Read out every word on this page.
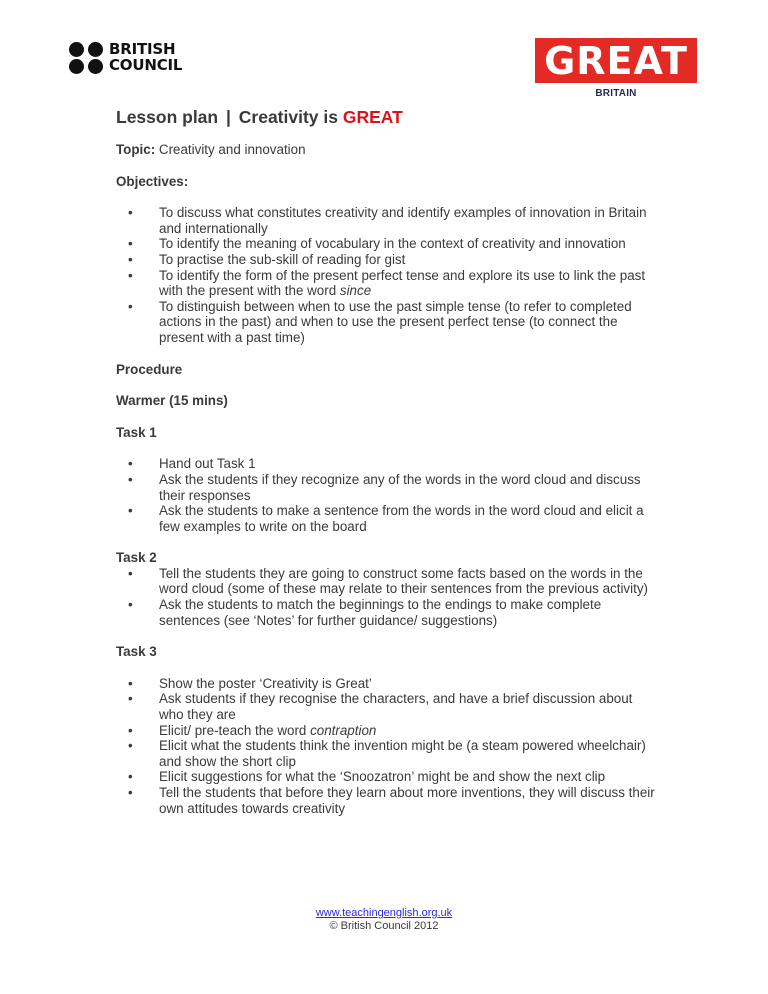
BRITISH
COUNCIL	GREAT
BRITAIN
Lesson plan | Creativity is GREAT

Topic: Creativity and innovation

Objectives:

• To discuss what constitutes creativity and identify examples of innovation in Britain and internationally
• To identify the meaning of vocabulary in the context of creativity and innovation
• To practise the sub-skill of reading for gist
• To identify the form of the present perfect tense and explore its use to link the past with the present with the word since
• To distinguish between when to use the past simple tense (to refer to completed actions in the past) and when to use the present perfect tense (to connect the present with a past time)

Procedure

Warmer (15 mins)

Task 1

• Hand out Task 1
• Ask the students if they recognize any of the words in the word cloud and discuss their responses
• Ask the students to make a sentence from the words in the word cloud and elicit a few examples to write on the board

Task 2

• Tell the students they are going to construct some facts based on the words in the word cloud (some of these may relate to their sentences from the previous activity)
• Ask the students to match the beginnings to the endings to make complete sentences (see ‘Notes’ for further guidance/ suggestions)

Task 3

• Show the poster ‘Creativity is Great’
• Ask students if they recognise the characters, and have a brief discussion about who they are
• Elicit/ pre-teach the word contraption
• Elicit what the students think the invention might be (a steam powered wheelchair) and show the short clip
• Elicit suggestions for what the ‘Snoozatron’ might be and show the next clip
• Tell the students that before they learn about more inventions, they will discuss their own attitudes towards creativity
www.teachingenglish.org.uk
© British Council 2012
